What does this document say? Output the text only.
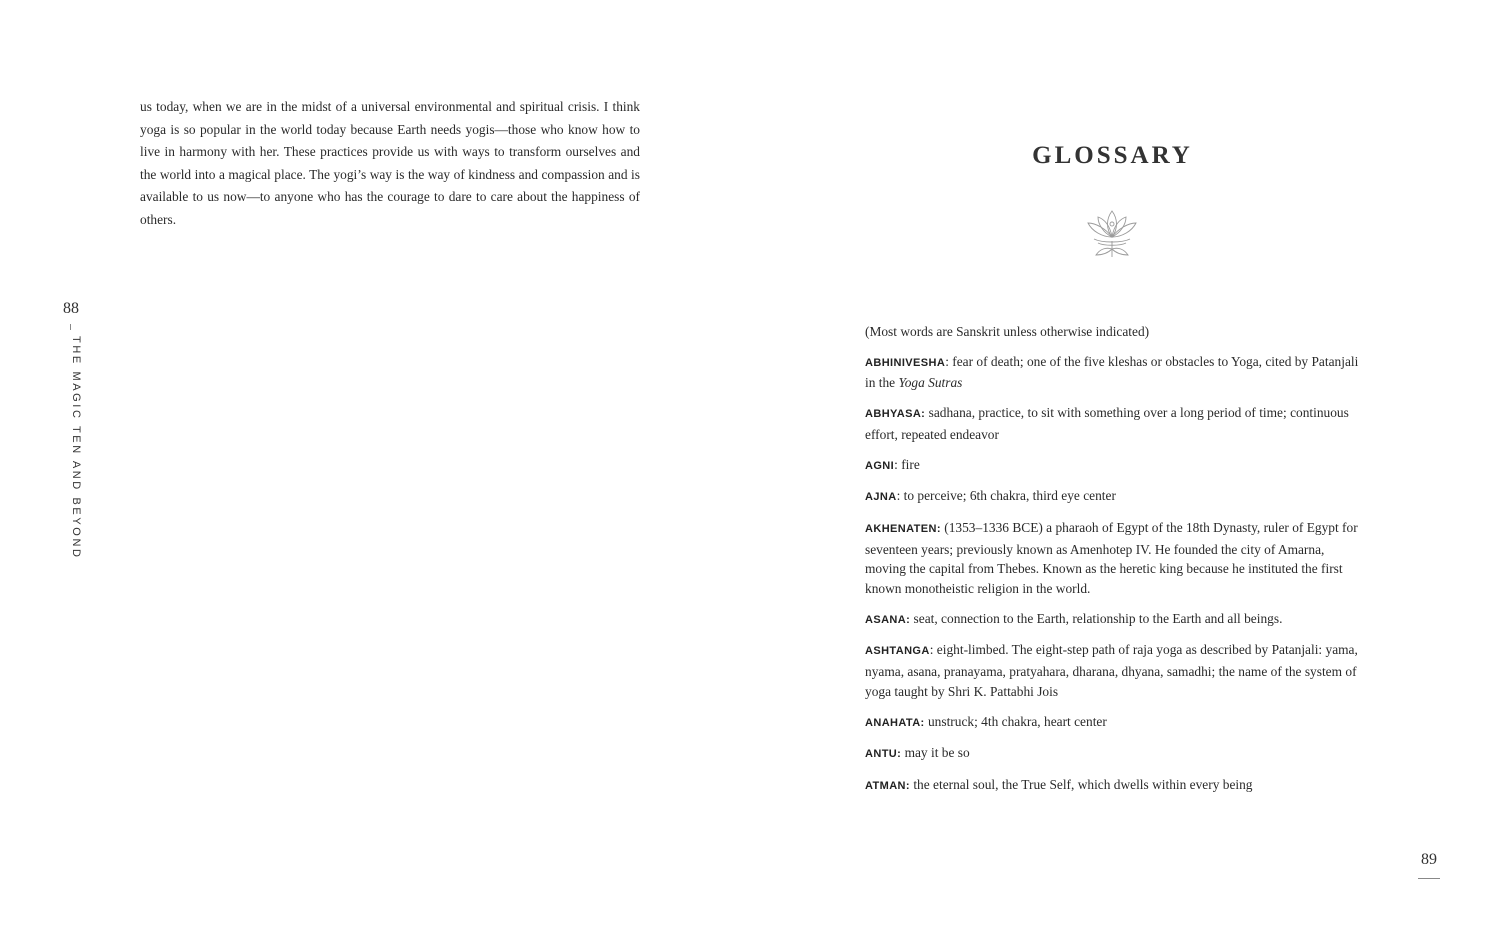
us today, when we are in the midst of a universal environmental and spiritual crisis. I think yoga is so popular in the world today because Earth needs yogis—those who know how to live in harmony with her. These practices provide us with ways to transform ourselves and the world into a magical place. The yogi’s way is the way of kindness and compassion and is available to us now—to anyone who has the courage to dare to care about the happiness of others.

88
THE MAGIC TEN AND BEYOND
GLOSSARY

(Most words are Sanskrit unless otherwise indicated)

ABHINIVESHA: fear of death; one of the five kleshas or obstacles to Yoga, cited by Patanjali in the Yoga Sutras

ABHYASA: sadhana, practice, to sit with something over a long period of time; continuous effort, repeated endeavor

AGNI: fire

AJNA: to perceive; 6th chakra, third eye center

AKHENATEN: (1353–1336 BCE) a pharaoh of Egypt of the 18th Dynasty, ruler of Egypt for seventeen years; previously known as Amenhotep IV. He founded the city of Amarna, moving the capital from Thebes. Known as the heretic king because he instituted the first known monotheistic religion in the world.

ASANA: seat, connection to the Earth, relationship to the Earth and all beings.

ASHTANGA: eight-limbed. The eight-step path of raja yoga as described by Patanjali: yama, nyama, asana, pranayama, pratyahara, dharana, dhyana, samadhi; the name of the system of yoga taught by Shri K. Pattabhi Jois

ANAHATA: unstruck; 4th chakra, heart center

ANTU: may it be so

ATMAN: the eternal soul, the True Self, which dwells within every being

89
